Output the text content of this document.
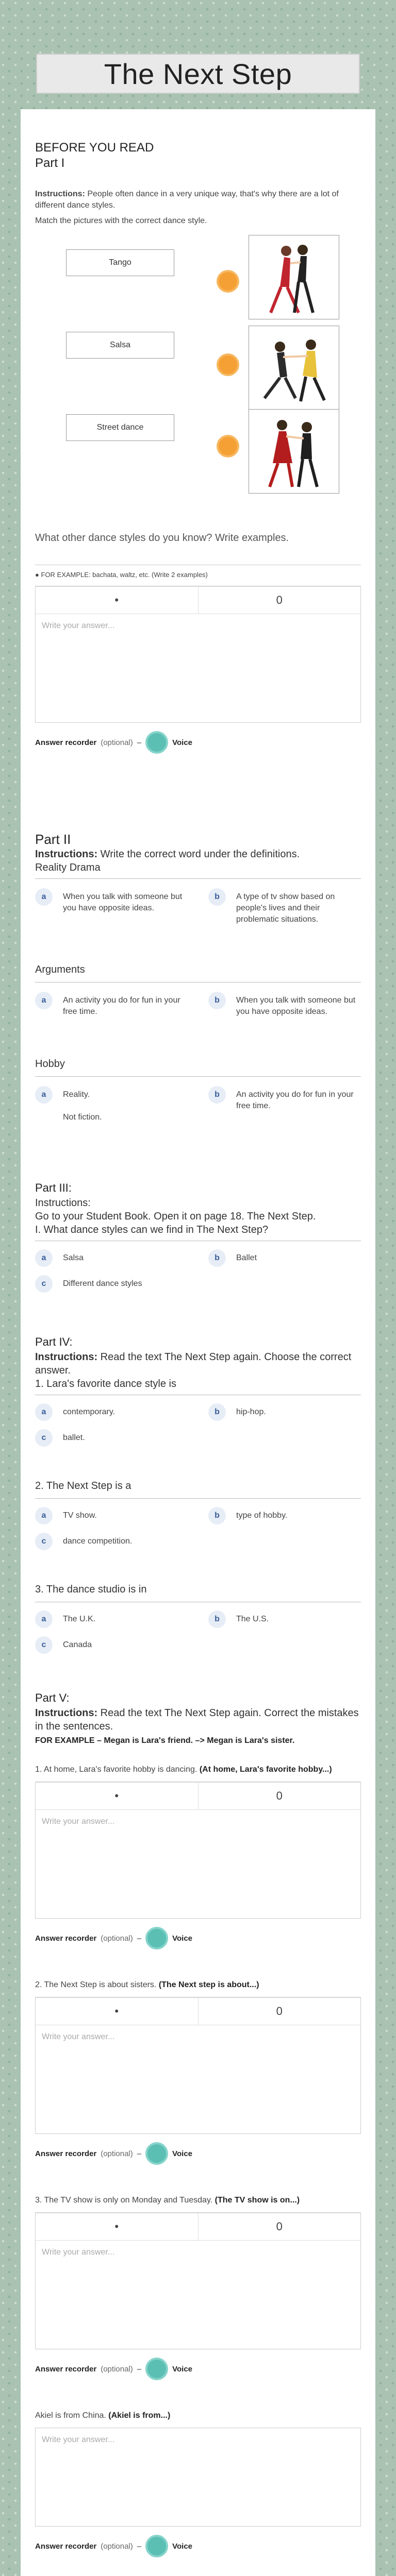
The Next Step
BEFORE YOU READ
Part I
Instructions: People often dance in a very unique way, that's why there are a lot of different dance styles.
Match the pictures with the correct dance style.
Tango
Salsa
Street dance
What other dance styles do you know? Write examples.
● FOR EXAMPLE: bachata, waltz, etc. (Write 2 examples)
•	0
Write your answer...
Answer recorder (optional) –	Voice
Part II
Instructions: Write the correct word under the definitions.
Reality Drama
a	When you talk with someone but you have opposite ideas.
b	A type of tv show based on people's lives and their problematic situations.
Arguments
a	An activity you do for fun in your free time.
b	When you talk with someone but you have opposite ideas.
Hobby
a	Reality.

Not fiction.
b	An activity you do for fun in your free time.
Part III:
Instructions:
Go to your Student Book. Open it on page 18. The Next Step.
I. What dance styles can we find in The Next Step?
a	Salsa	b	Ballet
c	Different dance styles
Part IV:
Instructions: Read the text The Next Step again. Choose the correct answer.
1. Lara's favorite dance style is
a	contemporary.	b	hip-hop.
c	ballet.
2. The Next Step is a
a	TV show.	b	type of hobby.
c	dance competition.
3. The dance studio is in
a	The U.K.	b	The U.S.
c	Canada
Part V:
Instructions: Read the text The Next Step again. Correct the mistakes in the sentences.
FOR EXAMPLE – Megan is Lara's friend. –> Megan is Lara's sister.
1. At home, Lara's favorite hobby is dancing. (At home, Lara's favorite hobby...)
•	0
Write your answer...
Answer recorder (optional) –	Voice
2. The Next Step is about sisters. (The Next step is about...)
•	0
Write your answer...
Answer recorder (optional) –	Voice
3. The TV show is only on Monday and Tuesday. (The TV show is on...)
•	0
Write your answer...
Answer recorder (optional) –	Voice
Akiel is from China. (Akiel is from...)
Write your answer...
Answer recorder (optional) –	Voice
